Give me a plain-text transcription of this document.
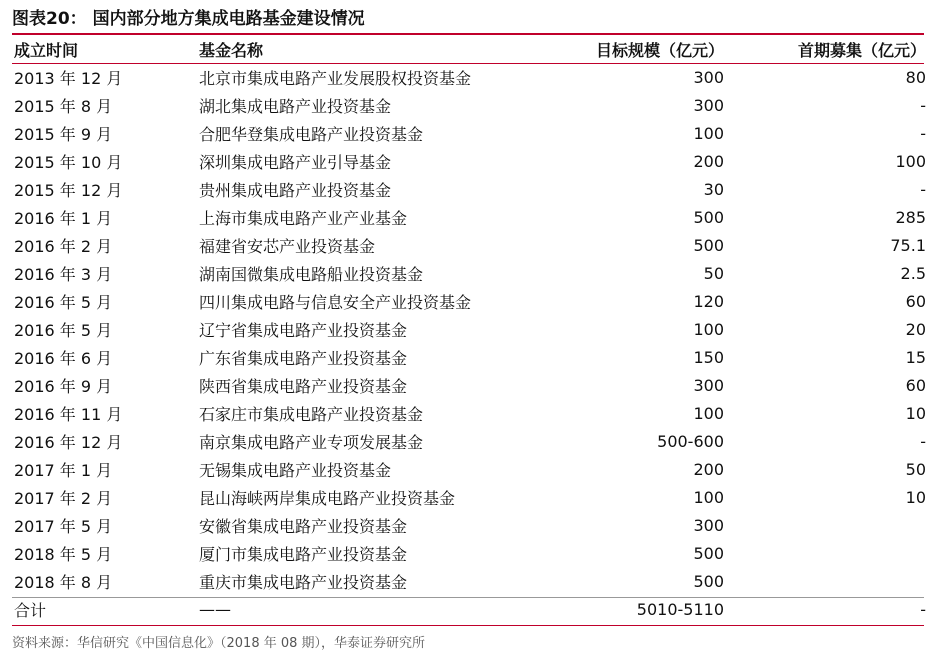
图表20： 国内部分地方集成电路基金建设情况
成立时间	基金名称	目标规模（亿元）	首期募集（亿元）
2013 年 12 月	北京市集成电路产业发展股权投资基金	300	80
2015 年 8 月	湖北集成电路产业投资基金	300	-
2015 年 9 月	合肥华登集成电路产业投资基金	100	-
2015 年 10 月	深圳集成电路产业引导基金	200	100
2015 年 12 月	贵州集成电路产业投资基金	30	-
2016 年 1 月	上海市集成电路产业产业基金	500	285
2016 年 2 月	福建省安芯产业投资基金	500	75.1
2016 年 3 月	湖南国微集成电路船业投资基金	50	2.5
2016 年 5 月	四川集成电路与信息安全产业投资基金	120	60
2016 年 5 月	辽宁省集成电路产业投资基金	100	20
2016 年 6 月	广东省集成电路产业投资基金	150	15
2016 年 9 月	陕西省集成电路产业投资基金	300	60
2016 年 11 月	石家庄市集成电路产业投资基金	100	10
2016 年 12 月	南京集成电路产业专项发展基金	500-600	-
2017 年 1 月	无锡集成电路产业投资基金	200	50
2017 年 2 月	昆山海峡两岸集成电路产业投资基金	100	10
2017 年 5 月	安徽省集成电路产业投资基金	300	
2018 年 5 月	厦门市集成电路产业投资基金	500	
2018 年 8 月	重庆市集成电路产业投资基金	500	
合计	——	5010-5110	-
资料来源：华信研究《中国信息化》（2018 年 08 期），华泰证券研究所
